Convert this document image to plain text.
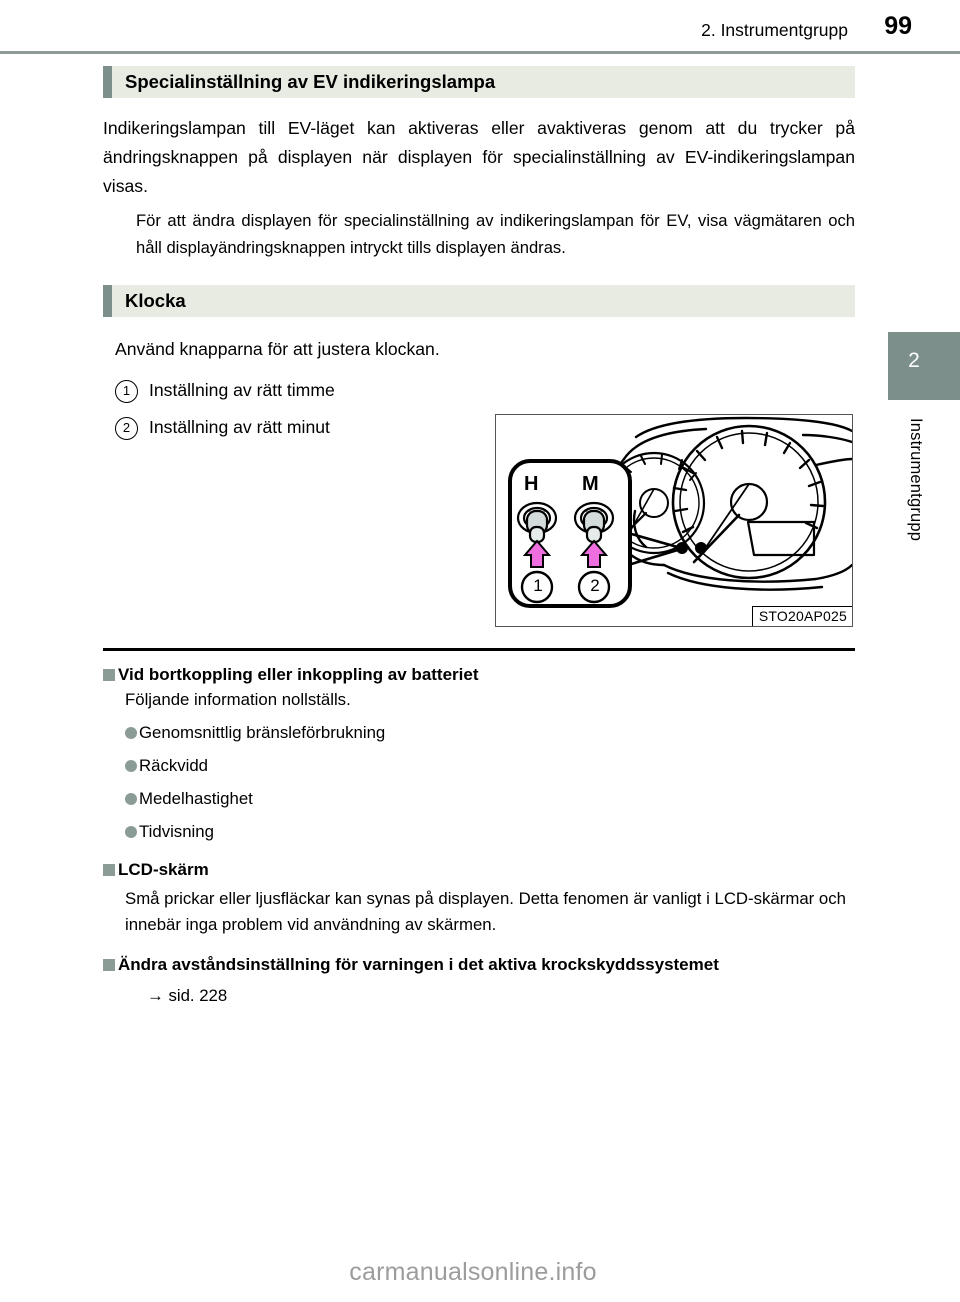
2. Instrumentgrupp 99
2
Instrumentgrupp
Specialinställning av EV indikeringslampa
Indikeringslampan till EV-läget kan aktiveras eller avaktiveras genom att du trycker på ändringsknappen på displayen när displayen för specialinställning av EV-indikeringslampan visas.
För att ändra displayen för specialinställning av indikeringslampan för EV, visa vägmätaren och håll displayändringsknappen intryckt tills displayen ändras.
Klocka
Använd knapparna för att justera klockan.
1	Inställning av rätt timme
2	Inställning av rätt minut
H M
1	2
STO20AP025
Vid bortkoppling eller inkoppling av batteriet
Följande information nollställs.
Genomsnittlig bränsleförbrukning
Räckvidd
Medelhastighet
Tidvisning
LCD-skärm
Små prickar eller ljusfläckar kan synas på displayen. Detta fenomen är vanligt i LCD-skärmar och innebär inga problem vid användning av skärmen.
Ändra avståndsinställning för varningen i det aktiva krockskyddssystemet
→ sid. 228
carmanualsonline.info
